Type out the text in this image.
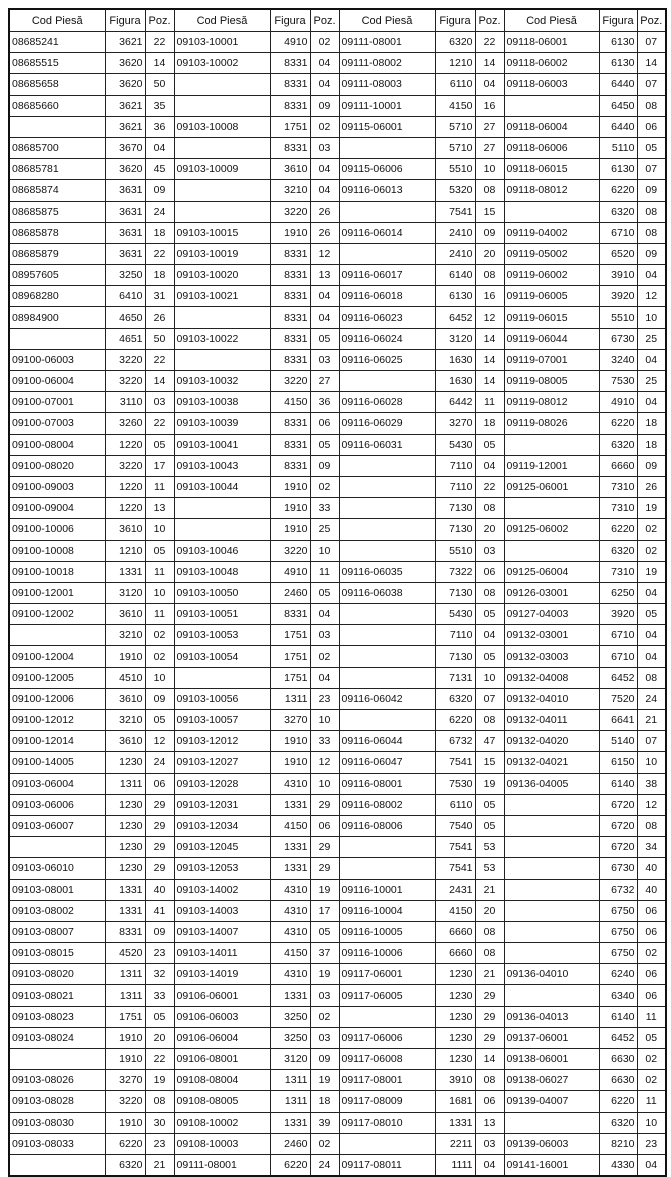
Cod Piesă	Figura	Poz.	Cod Piesă	Figura	Poz.	Cod Piesă	Figura	Poz.	Cod Piesă	Figura	Poz.
08685241	3621	22	09103-10001	4910	02	09111-08001	6320	22	09118-06001	6130	07
08685515	3620	14	09103-10002	8331	04	09111-08002	1210	14	09118-06002	6130	14
08685658	3620	50		8331	04	09111-08003	6110	04	09118-06003	6440	07
08685660	3621	35		8331	09	09111-10001	4150	16		6450	08
	3621	36	09103-10008	1751	02	09115-06001	5710	27	09118-06004	6440	06
08685700	3670	04		8331	03		5710	27	09118-06006	5110	05
08685781	3620	45	09103-10009	3610	04	09115-06006	5510	10	09118-06015	6130	07
08685874	3631	09		3210	04	09116-06013	5320	08	09118-08012	6220	09
08685875	3631	24		3220	26		7541	15		6320	08
08685878	3631	18	09103-10015	1910	26	09116-06014	2410	09	09119-04002	6710	08
08685879	3631	22	09103-10019	8331	12		2410	20	09119-05002	6520	09
08957605	3250	18	09103-10020	8331	13	09116-06017	6140	08	09119-06002	3910	04
08968280	6410	31	09103-10021	8331	04	09116-06018	6130	16	09119-06005	3920	12
08984900	4650	26		8331	04	09116-06023	6452	12	09119-06015	5510	10
	4651	50	09103-10022	8331	05	09116-06024	3120	14	09119-06044	6730	25
09100-06003	3220	22		8331	03	09116-06025	1630	14	09119-07001	3240	04
09100-06004	3220	14	09103-10032	3220	27		1630	14	09119-08005	7530	25
09100-07001	3110	03	09103-10038	4150	36	09116-06028	6442	11	09119-08012	4910	04
09100-07003	3260	22	09103-10039	8331	06	09116-06029	3270	18	09119-08026	6220	18
09100-08004	1220	05	09103-10041	8331	05	09116-06031	5430	05		6320	18
09100-08020	3220	17	09103-10043	8331	09		7110	04	09119-12001	6660	09
09100-09003	1220	11	09103-10044	1910	02		7110	22	09125-06001	7310	26
09100-09004	1220	13		1910	33		7130	08		7310	19
09100-10006	3610	10		1910	25		7130	20	09125-06002	6220	02
09100-10008	1210	05	09103-10046	3220	10		5510	03		6320	02
09100-10018	1331	11	09103-10048	4910	11	09116-06035	7322	06	09125-06004	7310	19
09100-12001	3120	10	09103-10050	2460	05	09116-06038	7130	08	09126-03001	6250	04
09100-12002	3610	11	09103-10051	8331	04		5430	05	09127-04003	3920	05
	3210	02	09103-10053	1751	03		7110	04	09132-03001	6710	04
09100-12004	1910	02	09103-10054	1751	02		7130	05	09132-03003	6710	04
09100-12005	4510	10		1751	04		7131	10	09132-04008	6452	08
09100-12006	3610	09	09103-10056	1311	23	09116-06042	6320	07	09132-04010	7520	24
09100-12012	3210	05	09103-10057	3270	10		6220	08	09132-04011	6641	21
09100-12014	3610	12	09103-12012	1910	33	09116-06044	6732	47	09132-04020	5140	07
09100-14005	1230	24	09103-12027	1910	12	09116-06047	7541	15	09132-04021	6150	10
09103-06004	1311	06	09103-12028	4310	10	09116-08001	7530	19	09136-04005	6140	38
09103-06006	1230	29	09103-12031	1331	29	09116-08002	6110	05		6720	12
09103-06007	1230	29	09103-12034	4150	06	09116-08006	7540	05		6720	08
	1230	29	09103-12045	1331	29		7541	53		6720	34
09103-06010	1230	29	09103-12053	1331	29		7541	53		6730	40
09103-08001	1331	40	09103-14002	4310	19	09116-10001	2431	21		6732	40
09103-08002	1331	41	09103-14003	4310	17	09116-10004	4150	20		6750	06
09103-08007	8331	09	09103-14007	4310	05	09116-10005	6660	08		6750	06
09103-08015	4520	23	09103-14011	4150	37	09116-10006	6660	08		6750	02
09103-08020	1311	32	09103-14019	4310	19	09117-06001	1230	21	09136-04010	6240	06
09103-08021	1311	33	09106-06001	1331	03	09117-06005	1230	29		6340	06
09103-08023	1751	05	09106-06003	3250	02		1230	29	09136-04013	6140	11
09103-08024	1910	20	09106-06004	3250	03	09117-06006	1230	29	09137-06001	6452	05
	1910	22	09106-08001	3120	09	09117-06008	1230	14	09138-06001	6630	02
09103-08026	3270	19	09108-08004	1311	19	09117-08001	3910	08	09138-06027	6630	02
09103-08028	3220	08	09108-08005	1311	18	09117-08009	1681	06	09139-04007	6220	11
09103-08030	1910	30	09108-10002	1331	39	09117-08010	1331	13		6320	10
09103-08033	6220	23	09108-10003	2460	02		2211	03	09139-06003	8210	23
	6320	21	09111-08001	6220	24	09117-08011	1111	04	09141-16001	4330	04
